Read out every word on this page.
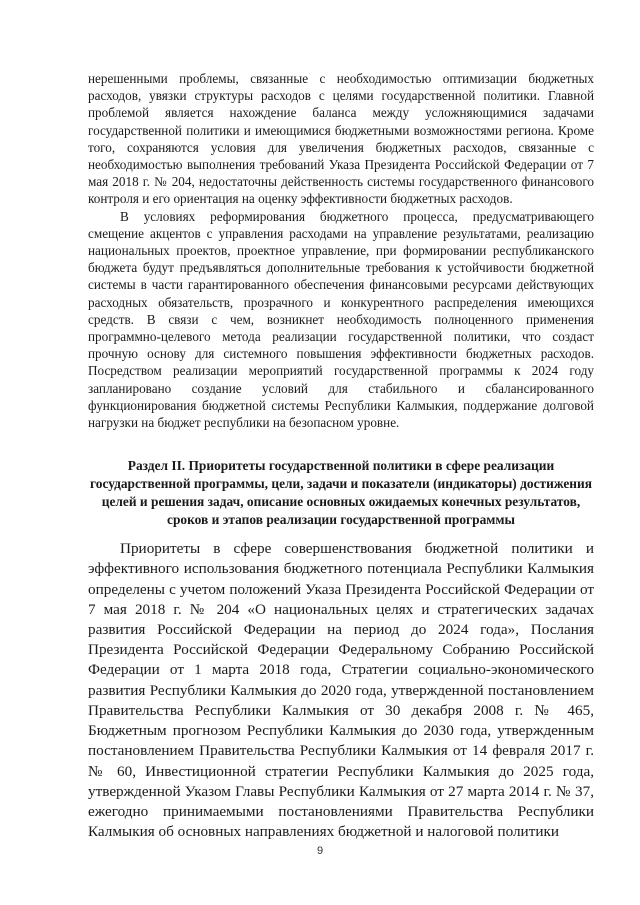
нерешенными проблемы, связанные с необходимостью оптимизации бюджетных расходов, увязки структуры расходов с целями государственной политики. Главной проблемой является нахождение баланса между усложняющимися задачами государственной политики и имеющимися бюджетными возможностями региона. Кроме того, сохраняются условия для увеличения бюджетных расходов, связанные с необходимостью выполнения требований Указа Президента Российской Федерации от 7 мая 2018 г. № 204, недостаточны действенность системы государственного финансового контроля и его ориентация на оценку эффективности бюджетных расходов.

В условиях реформирования бюджетного процесса, предусматривающего смещение акцентов с управления расходами на управление результатами, реализацию национальных проектов, проектное управление, при формировании республиканского бюджета будут предъявляться дополнительные требования к устойчивости бюджетной системы в части гарантированного обеспечения финансовыми ресурсами действующих расходных обязательств, прозрачного и конкурентного распределения имеющихся средств. В связи с чем, возникнет необходимость полноценного применения программно-целевого метода реализации государственной политики, что создаст прочную основу для системного повышения эффективности бюджетных расходов. Посредством реализации мероприятий государственной программы к 2024 году запланировано создание условий для стабильного и сбалансированного функционирования бюджетной системы Республики Калмыкия, поддержание долговой нагрузки на бюджет республики на безопасном уровне.

Раздел II. Приоритеты государственной политики в сфере реализации государственной программы, цели, задачи и показатели (индикаторы) достижения целей и решения задач, описание основных ожидаемых конечных результатов, сроков и этапов реализации государственной программы

Приоритеты в сфере совершенствования бюджетной политики и эффективного использования бюджетного потенциала Республики Калмыкия определены с учетом положений Указа Президента Российской Федерации от 7 мая 2018 г. № 204 «О национальных целях и стратегических задачах развития Российской Федерации на период до 2024 года», Послания Президента Российской Федерации Федеральному Собранию Российской Федерации от 1 марта 2018 года, Стратегии социально-экономического развития Республики Калмыкия до 2020 года, утвержденной постановлением Правительства Республики Калмыкия от 30 декабря 2008 г. № 465, Бюджетным прогнозом Республики Калмыкия до 2030 года, утвержденным постановлением Правительства Республики Калмыкия от 14 февраля 2017 г. № 60, Инвестиционной стратегии Республики Калмыкия до 2025 года, утвержденной Указом Главы Республики Калмыкия от 27 марта 2014 г. № 37, ежегодно принимаемыми постановлениями Правительства Республики Калмыкия об основных направлениях бюджетной и налоговой политики

9
